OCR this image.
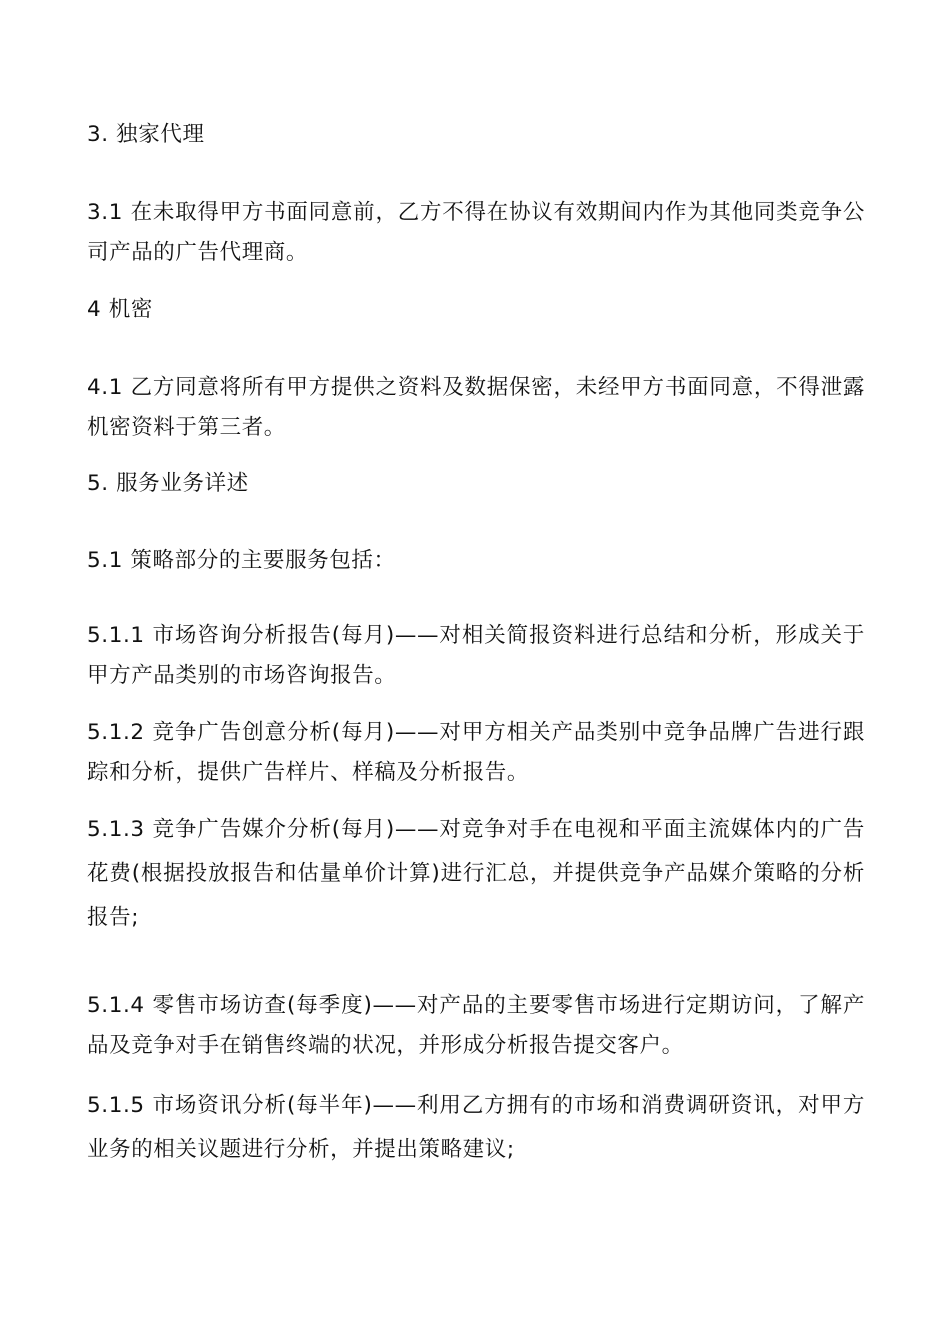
3. 独家代理

3.1 在未取得甲方书面同意前，乙方不得在协议有效期间内作为其他同类竞争公司产品的广告代理商。

4 机密

4.1 乙方同意将所有甲方提供之资料及数据保密，未经甲方书面同意，不得泄露机密资料于第三者。

5. 服务业务详述

5.1 策略部分的主要服务包括：

5.1.1 市场咨询分析报告(每月)——对相关简报资料进行总结和分析，形成关于甲方产品类别的市场咨询报告。

5.1.2 竞争广告创意分析(每月)——对甲方相关产品类别中竞争品牌广告进行跟踪和分析，提供广告样片、样稿及分析报告。

5.1.3 竞争广告媒介分析(每月)——对竞争对手在电视和平面主流媒体内的广告花费(根据投放报告和估量单价计算)进行汇总，并提供竞争产品媒介策略的分析报告;

5.1.4 零售市场访查(每季度)——对产品的主要零售市场进行定期访问，了解产品及竞争对手在销售终端的状况，并形成分析报告提交客户。

5.1.5 市场资讯分析(每半年)——利用乙方拥有的市场和消费调研资讯，对甲方业务的相关议题进行分析，并提出策略建议;
